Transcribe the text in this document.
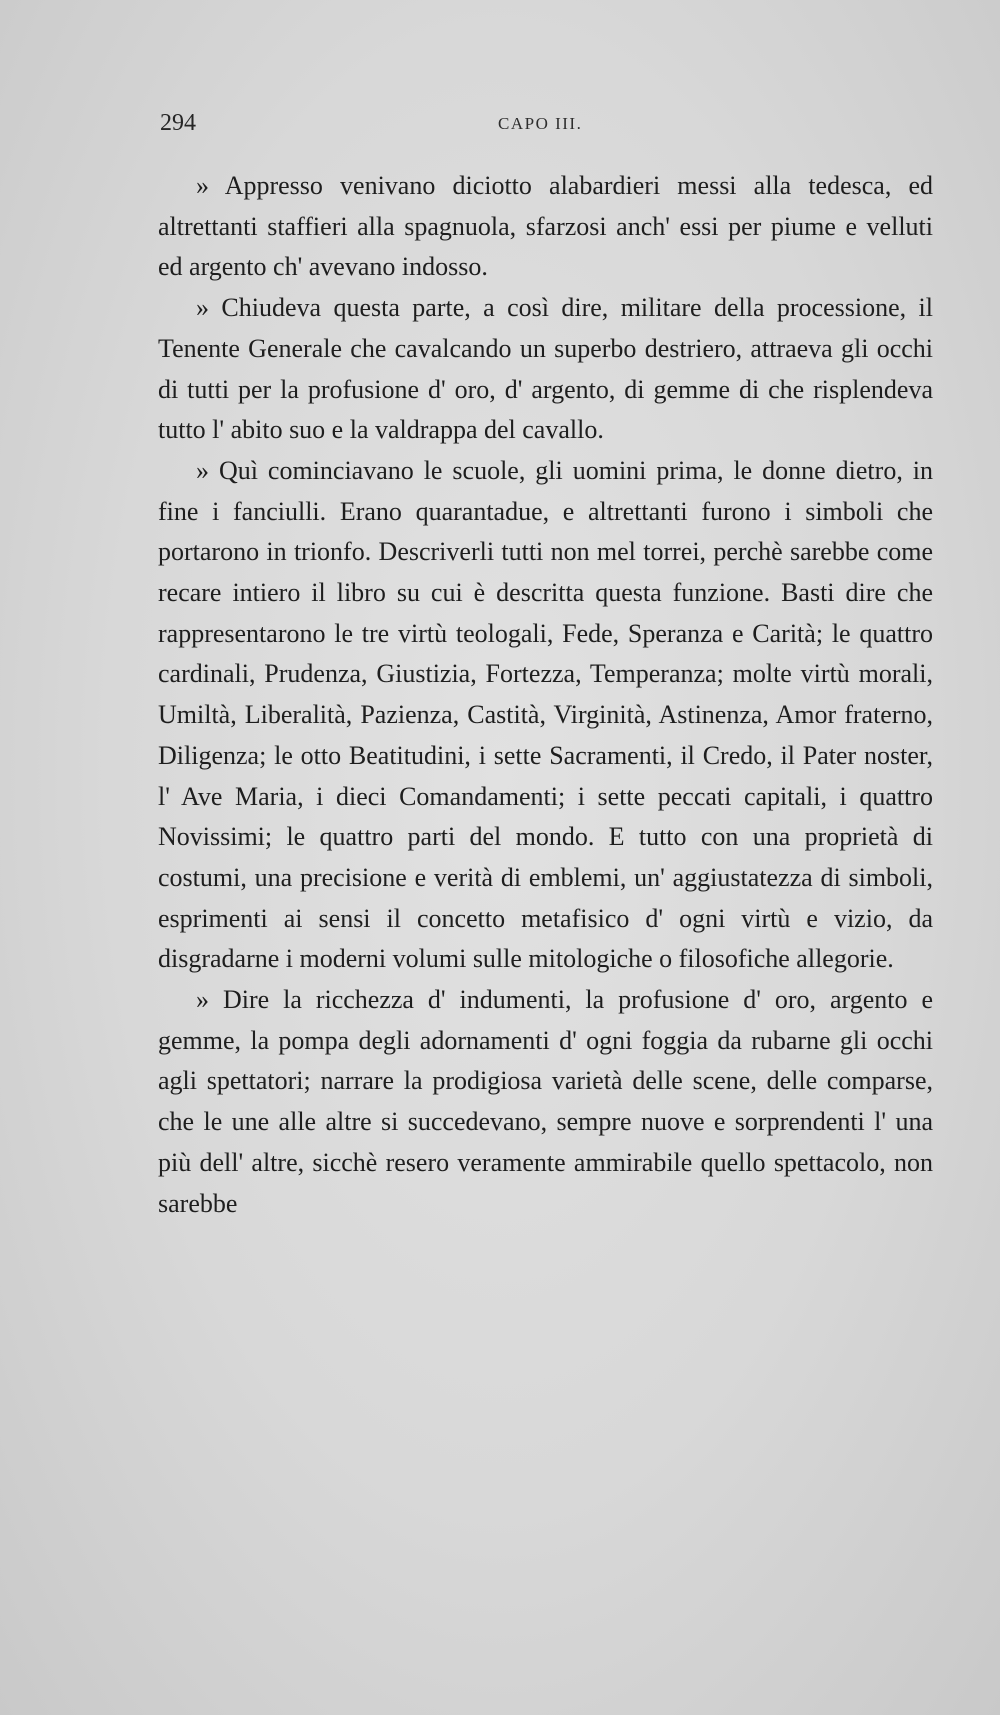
294	CAPO III.

» Appresso venivano diciotto alabardieri messi alla tedesca, ed altrettanti staffieri alla spagnuola, sfarzosi anch' essi per piume e velluti ed argento ch' avevano indosso.

» Chiudeva questa parte, a così dire, militare della processione, il Tenente Generale che cavalcando un superbo destriero, attraeva gli occhi di tutti per la profusione d' oro, d' argento, di gemme di che risplendeva tutto l' abito suo e la valdrappa del cavallo.

» Quì cominciavano le scuole, gli uomini prima, le donne dietro, in fine i fanciulli. Erano quarantadue, e altrettanti furono i simboli che portarono in trionfo. Descriverli tutti non mel torrei, perchè sarebbe come recare intiero il libro su cui è descritta questa funzione. Basti dire che rappresentarono le tre virtù teologali, Fede, Speranza e Carità; le quattro cardinali, Prudenza, Giustizia, Fortezza, Temperanza; molte virtù morali, Umiltà, Liberalità, Pazienza, Castità, Virginità, Astinenza, Amor fraterno, Diligenza; le otto Beatitudini, i sette Sacramenti, il Credo, il Pater noster, l' Ave Maria, i dieci Comandamenti; i sette peccati capitali, i quattro Novissimi; le quattro parti del mondo. E tutto con una proprietà di costumi, una precisione e verità di emblemi, un' aggiustatezza di simboli, esprimenti ai sensi il concetto metafisico d' ogni virtù e vizio, da disgradarne i moderni volumi sulle mitologiche o filosofiche allegorie.

» Dire la ricchezza d' indumenti, la profusione d' oro, argento e gemme, la pompa degli adornamenti d' ogni foggia da rubarne gli occhi agli spettatori; narrare la prodigiosa varietà delle scene, delle comparse, che le une alle altre si succedevano, sempre nuove e sorprendenti l' una più dell' altre, sicchè resero veramente ammirabile quello spettacolo, non sarebbe
